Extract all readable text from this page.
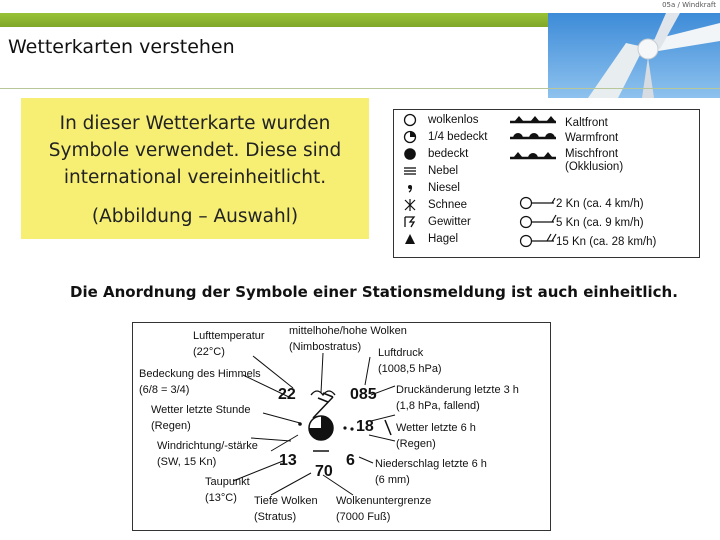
05a / Windkraft
Wetterkarten verstehen
In dieser Wetterkarte wurden Symbole verwendet. Diese sind international vereinheitlicht.
(Abbildung – Auswahl)
wolkenlos
1/4 bedeckt
bedeckt
Nebel
Niesel
Schnee
Gewitter
Hagel
Kaltfront
Warmfront
Mischfront
(Okklusion)
2 Kn (ca. 4 km/h)
5 Kn (ca. 9 km/h)
15 Kn (ca. 28 km/h)
Die Anordnung der Symbole einer Stationsmeldung ist auch einheitlich.
Lufttemperatur
(22°C)
mittelhohe/hohe Wolken
(Nimbostratus) Luftdruck
(1008,5 hPa)
Bedeckung des Himmels
(6/8 = 3/4)	Druckänderung letzte 3 h
(1,8 hPa, fallend)
Wetter letzte Stunde
(Regen)	Wetter letzte 6 h
(Regen)
Windrichtung/-stärke
(SW, 15 Kn)	Niederschlag letzte 6 h
(6 mm)
Taupunkt
(13°C) Tiefe Wolken
(Stratus)
Wolkenuntergrenze
(7000 Fuß)
22	085
18
13
70
6
